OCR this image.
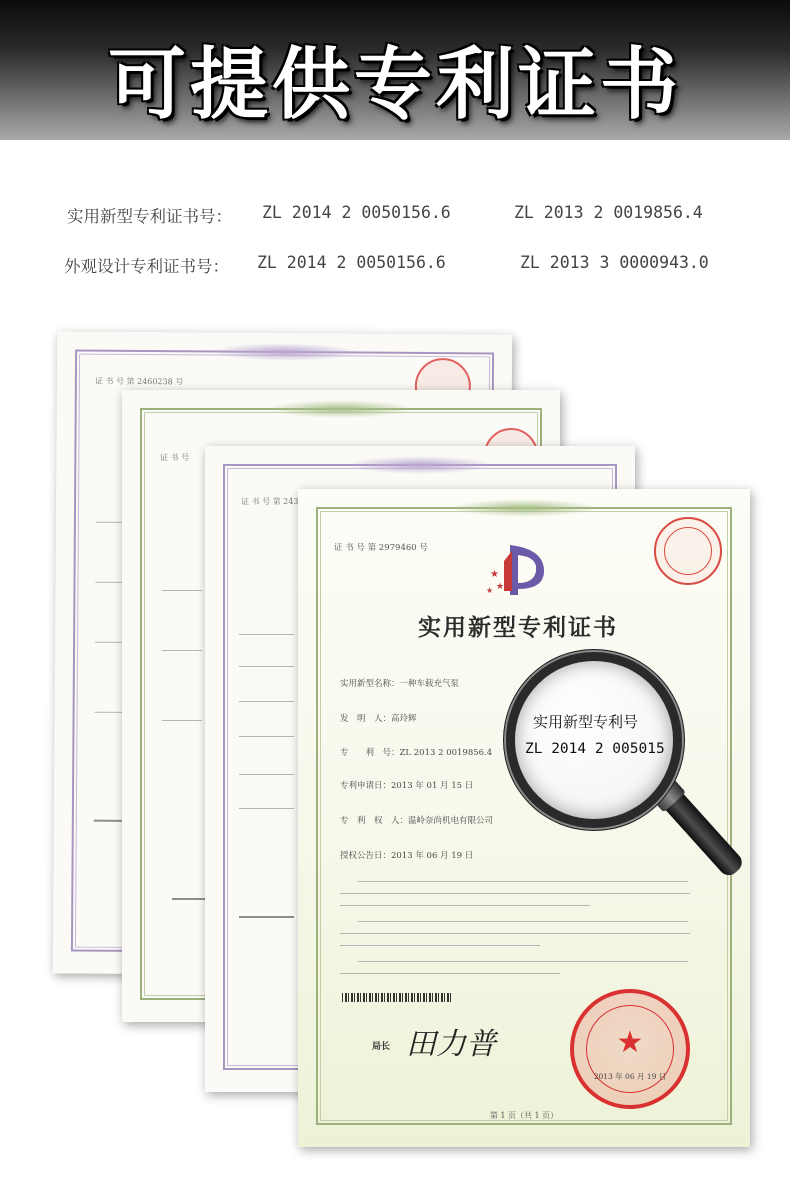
可提供专利证书
实用新型专利证书号： ZL 2014 2 0050156.6	ZL 2013 2 0019856.4
外观设计专利证书号： ZL 2014 2 0050156.6	ZL 2013 3 0000943.0
证 书 号 第 2460238 号
证 书 号
证 书 号 第 243
证 书 号 第 2979460 号
★
★
★
实用新型专利证书
实用新型名称：一种车载充气泵
发　明　人：高玲辉
专　　利　号：ZL 2013 2 0019856.4
专利申请日：2013 年 01 月 15 日
专　利　权　人：温岭奈尚机电有限公司
授权公告日：2013 年 06 月 19 日
局长 田力普	★
2013 年 06 月 19 日
第 1 页（共 1 页）
实用新型专利号
ZL 2014 2 005015
